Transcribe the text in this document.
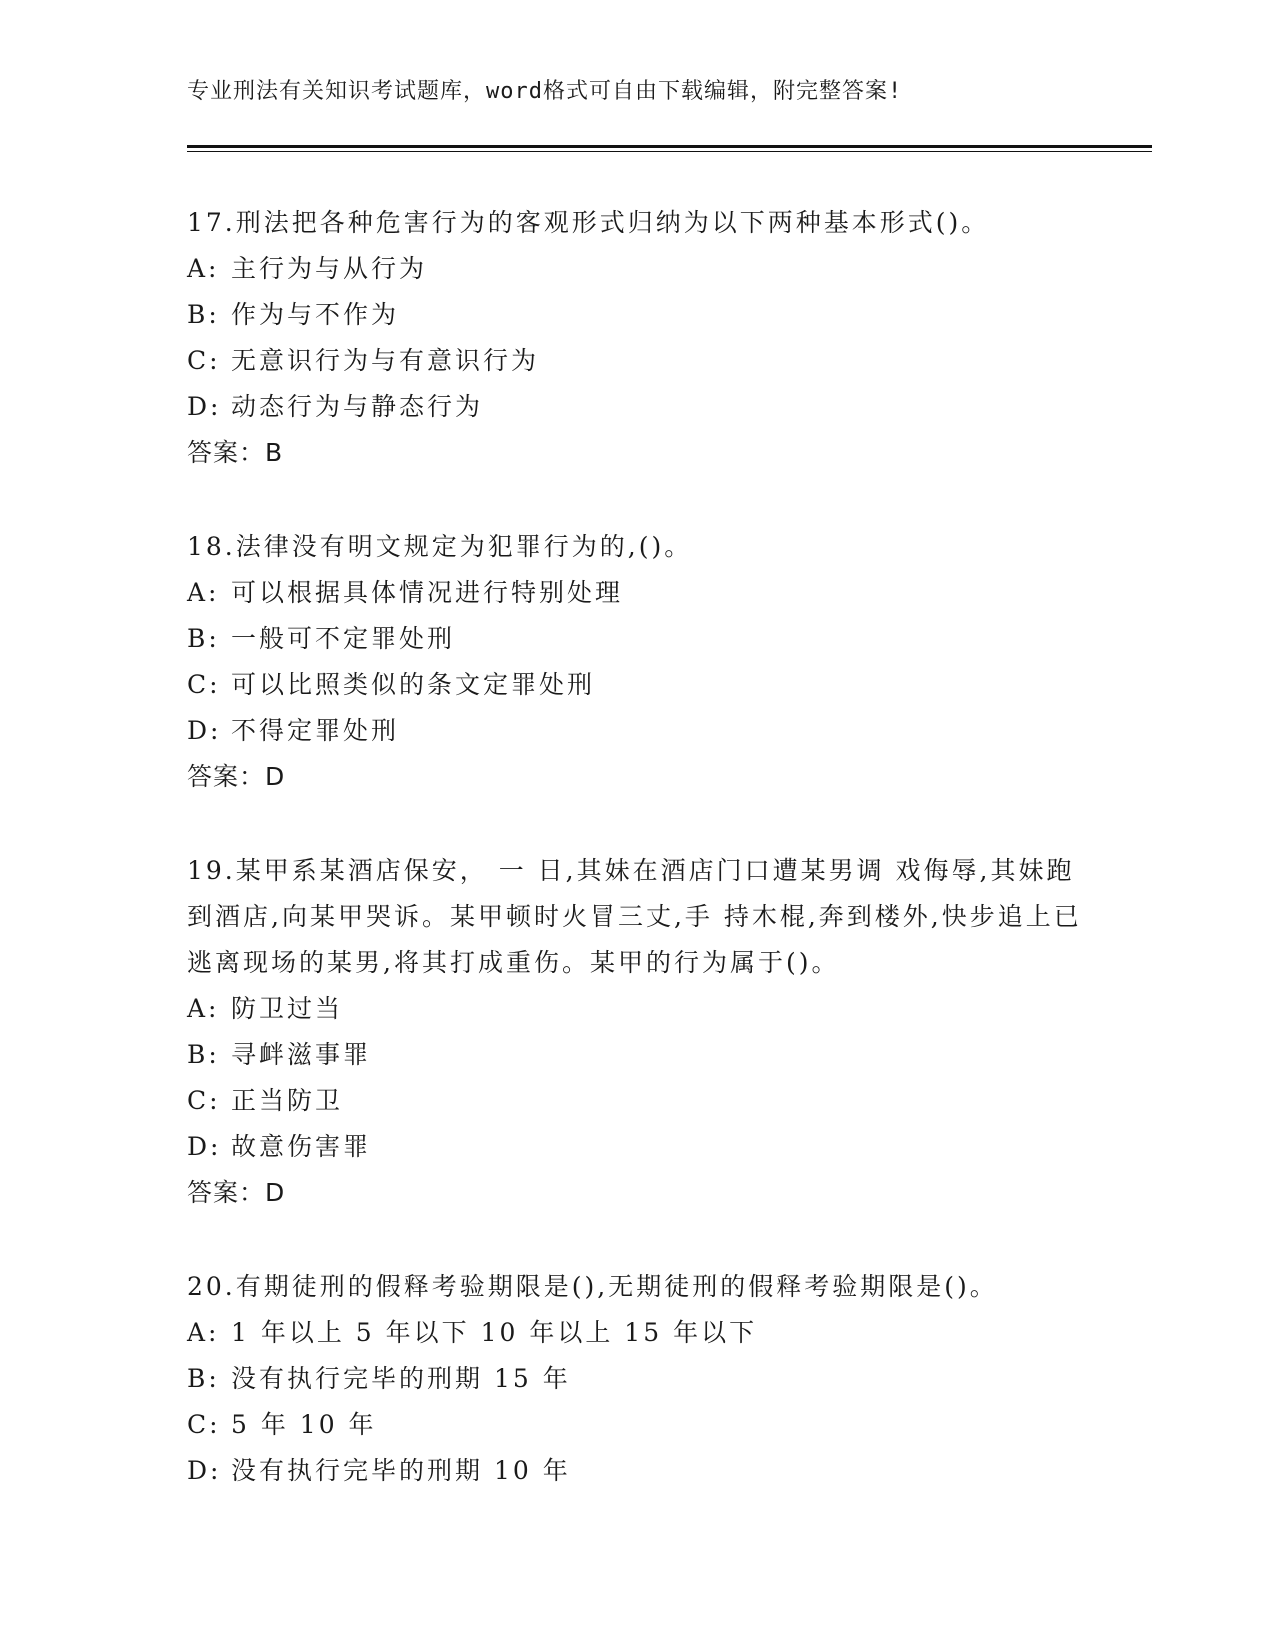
专业刑法有关知识考试题库，word格式可自由下载编辑，附完整答案!

17.刑法把各种危害行为的客观形式归纳为以下两种基本形式()。

A: 主行为与从行为

B: 作为与不作为

C: 无意识行为与有意识行为

D: 动态行为与静态行为

答案：B

18.法律没有明文规定为犯罪行为的,()。

A: 可以根据具体情况进行特别处理

B: 一般可不定罪处刑

C: 可以比照类似的条文定罪处刑

D: 不得定罪处刑

答案：D

19.某甲系某酒店保安， 一 日,其妹在酒店门口遭某男调 戏侮辱,其妹跑到酒店,向某甲哭诉。某甲顿时火冒三丈,手 持木棍,奔到楼外,快步追上已逃离现场的某男,将其打成重伤。某甲的行为属于()。

A: 防卫过当

B: 寻衅滋事罪

C: 正当防卫

D: 故意伤害罪

答案：D

20.有期徒刑的假释考验期限是(),无期徒刑的假释考验期限是()。

A: 1 年以上 5 年以下 10 年以上 15 年以下

B: 没有执行完毕的刑期 15 年

C: 5 年 10 年

D: 没有执行完毕的刑期 10 年
